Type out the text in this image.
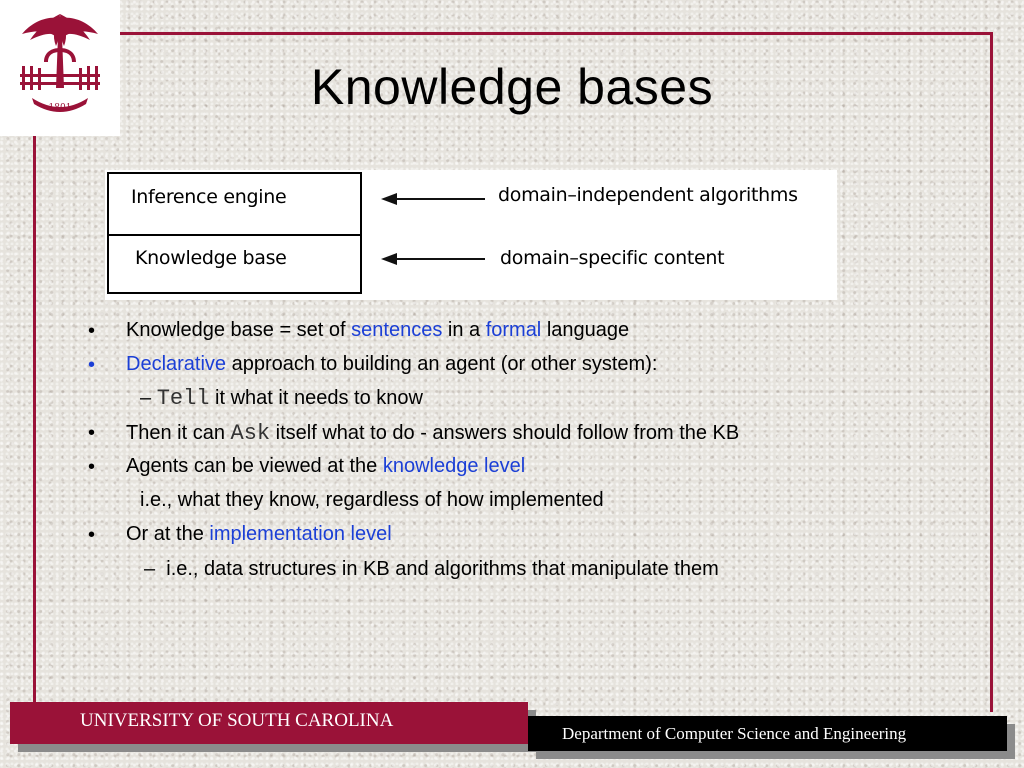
1801	Knowledge bases
Inference engine
Knowledge base
domain–independent algorithms
domain–specific content
• Knowledge base = set of sentences in a formal language
• Declarative approach to building an agent (or other system):
– Tell it what it needs to know
• Then it can Ask itself what to do - answers should follow from the KB
• Agents can be viewed at the knowledge level
i.e., what they know, regardless of how implemented
• Or at the implementation level
– i.e., data structures in KB and algorithms that manipulate them
UNIVERSITY OF SOUTH CAROLINA
Department of Computer Science and Engineering
